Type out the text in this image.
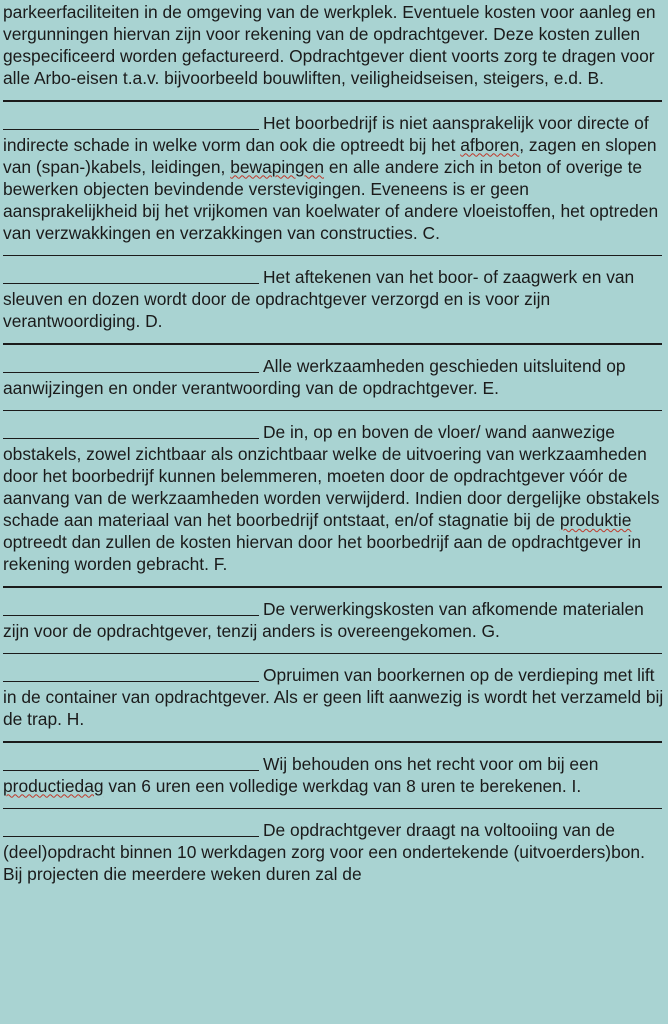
parkeerfaciliteiten in de omgeving van de werkplek. Eventuele kosten voor aanleg en vergunningen hiervan zijn voor rekening van de opdrachtgever. Deze kosten zullen gespecificeerd worden gefactureerd. Opdrachtgever dient voorts zorg te dragen voor alle Arbo-eisen t.a.v. bijvoorbeeld bouwliften, veiligheidseisen, steigers, e.d. B.

Het boorbedrijf is niet aansprakelijk voor directe of indirecte schade in welke vorm dan ook die optreedt bij het afboren, zagen en slopen van (span-)kabels, leidingen, bewapingen en alle andere zich in beton of overige te bewerken objecten bevindende verstevigingen. Eveneens is er geen aansprakelijkheid bij het vrijkomen van koelwater of andere vloeistoffen, het optreden van verzwakkingen en verzakkingen van constructies. C.

Het aftekenen van het boor- of zaagwerk en van sleuven en dozen wordt door de opdrachtgever verzorgd en is voor zijn verantwoordiging. D.

Alle werkzaamheden geschieden uitsluitend op aanwijzingen en onder verantwoording van de opdrachtgever. E.

De in, op en boven de vloer/ wand aanwezige obstakels, zowel zichtbaar als onzichtbaar welke de uitvoering van werkzaamheden door het boorbedrijf kunnen belemmeren, moeten door de opdrachtgever vóór de aanvang van de werkzaamheden worden verwijderd. Indien door dergelijke obstakels schade aan materiaal van het boorbedrijf ontstaat, en/of stagnatie bij de produktie optreedt dan zullen de kosten hiervan door het boorbedrijf aan de opdrachtgever in rekening worden gebracht. F.

De verwerkingskosten van afkomende materialen zijn voor de opdrachtgever, tenzij anders is overeengekomen. G.

Opruimen van boorkernen op de verdieping met lift in de container van opdrachtgever. Als er geen lift aanwezig is wordt het verzameld bij de trap. H.

Wij behouden ons het recht voor om bij een productiedag van 6 uren een volledige werkdag van 8 uren te berekenen. I.

De opdrachtgever draagt na voltooiing van de (deel)opdracht binnen 10 werkdagen zorg voor een ondertekende (uitvoerders)bon. Bij projecten die meerdere weken duren zal de
